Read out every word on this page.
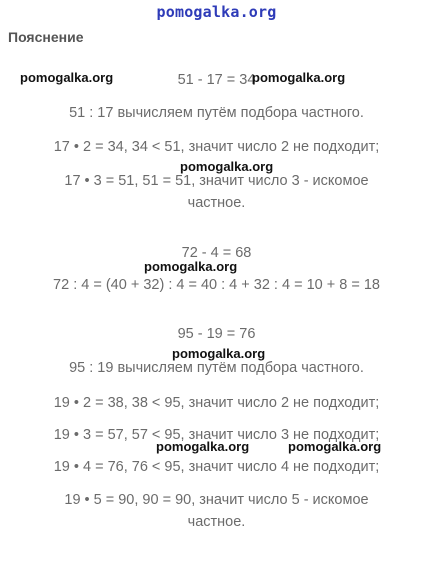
pomogalka.org
Пояснение
51 - 17 = 34
51 : 17 вычисляем путём подбора частного.
17 • 2 = 34, 34 < 51, значит число 2 не подходит;
17 • 3 = 51, 51 = 51, значит число 3 - искомое
частное.
72 - 4 = 68
72 : 4 = (40 + 32) : 4 = 40 : 4 + 32 : 4 = 10 + 8 = 18
95 - 19 = 76
95 : 19 вычисляем путём подбора частного.
19 • 2 = 38, 38 < 95, значит число 2 не подходит;
19 • 3 = 57, 57 < 95, значит число 3 не подходит;
19 • 4 = 76, 76 < 95, значит число 4 не подходит;
19 • 5 = 90, 90 = 90, значит число 5 - искомое
частное.
pomogalka.org	pomogalka.org
pomogalka.org
pomogalka.org
pomogalka.org
pomogalka.org	pomogalka.org
